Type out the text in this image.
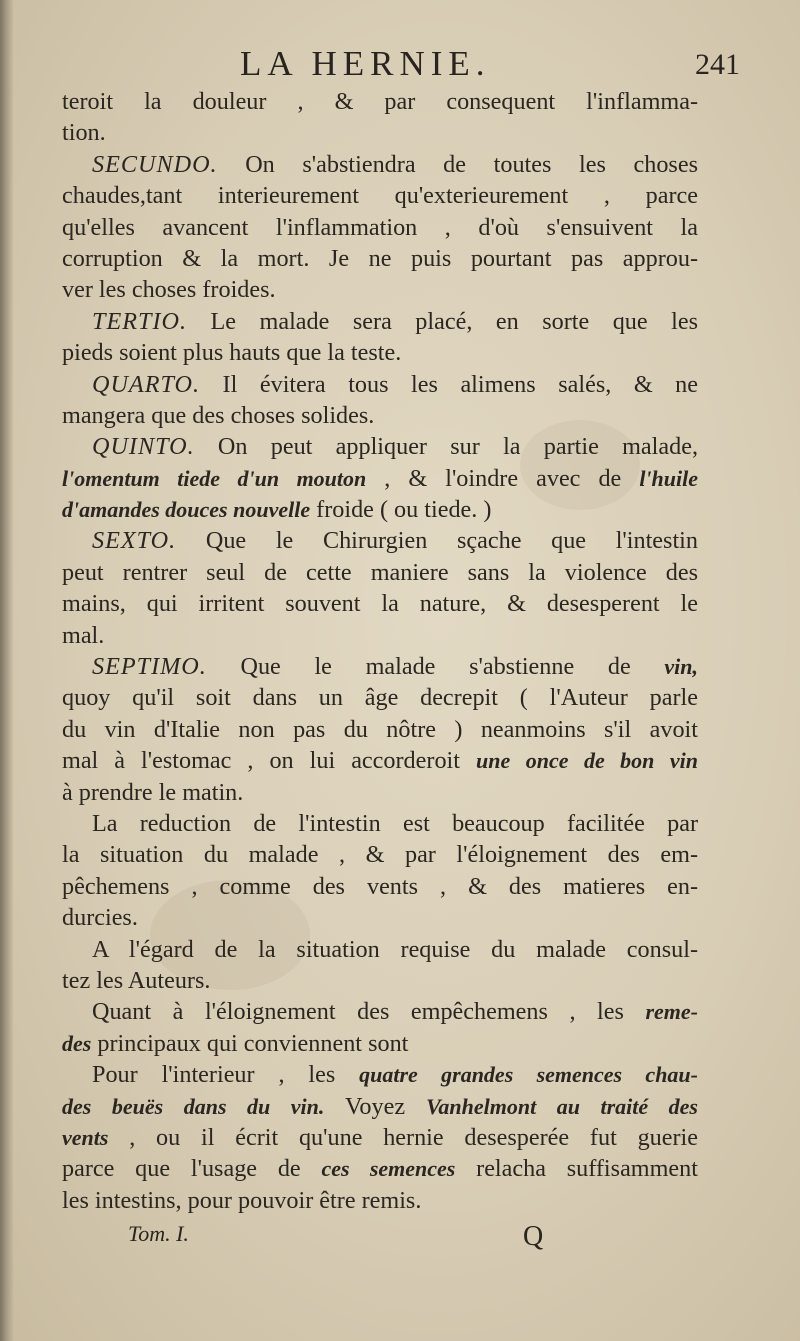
LA HERNIE.	241
teroit la douleur , & par consequent l'inflamma-
tion.
SECUNDO. On s'abstiendra de toutes les choses
chaudes,tant interieurement qu'exterieurement , parce
qu'elles avancent l'inflammation , d'où s'ensuivent la
corruption & la mort. Je ne puis pourtant pas approu-
ver les choses froides.
TERTIO. Le malade sera placé, en sorte que les
pieds soient plus hauts que la teste.
QUARTO. Il évitera tous les alimens salés, & ne
mangera que des choses solides.
QUINTO. On peut appliquer sur la partie malade,
l'omentum tiede d'un mouton , & l'oindre avec de l'huile
d'amandes douces nouvelle froide ( ou tiede. )
SEXTO. Que le Chirurgien sçache que l'intestin
peut rentrer seul de cette maniere sans la violence des
mains, qui irritent souvent la nature, & desesperent le
mal.
SEPTIMO. Que le malade s'abstienne de vin,
quoy qu'il soit dans un âge decrepit ( l'Auteur parle
du vin d'Italie non pas du nôtre ) neanmoins s'il avoit
mal à l'estomac , on lui accorderoit une once de bon vin
à prendre le matin.
La reduction de l'intestin est beaucoup facilitée par
la situation du malade , & par l'éloignement des em-
pêchemens , comme des vents , & des matieres en-
durcies.
A l'égard de la situation requise du malade consul-
tez les Auteurs.
Quant à l'éloignement des empêchemens , les reme-
des principaux qui conviennent sont
Pour l'interieur , les quatre grandes semences chau-
des beuës dans du vin. Voyez Vanhelmont au traité des
vents , ou il écrit qu'une hernie desesperée fut guerie
parce que l'usage de ces semences relacha suffisamment
les intestins, pour pouvoir être remis.
Tom. I.	Q
